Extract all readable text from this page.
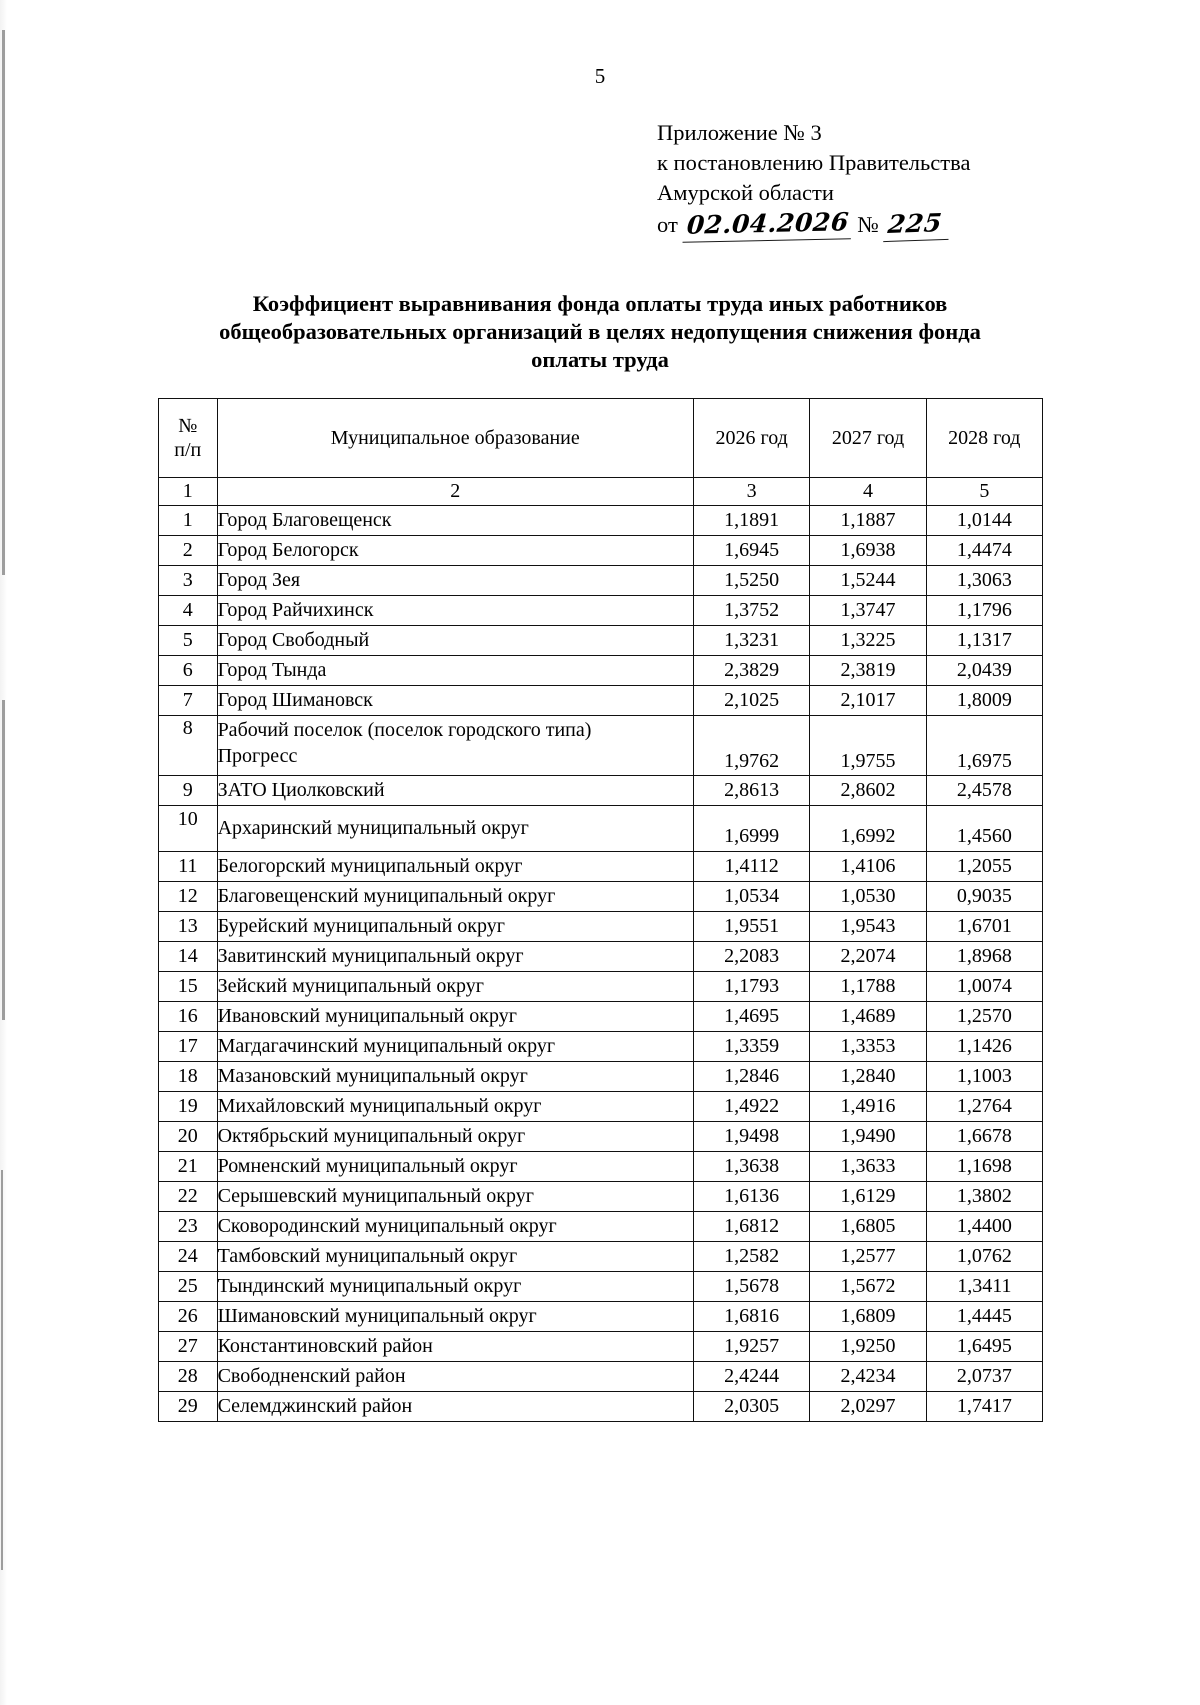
5
Приложение № 3
к постановлению Правительства
Амурской области
от 02.04.2026 № 225
Коэффициент выравнивания фонда оплаты труда иных работников
общеобразовательных организаций в целях недопущения снижения фонда
оплаты труда
№
п/п	Муниципальное образование	2026 год	2027 год	2028 год
1	2	3	4	5
1	Город Благовещенск	1,1891	1,1887	1,0144
2	Город Белогорск	1,6945	1,6938	1,4474
3	Город Зея	1,5250	1,5244	1,3063
4	Город Райчихинск	1,3752	1,3747	1,1796
5	Город Свободный	1,3231	1,3225	1,1317
6	Город Тында	2,3829	2,3819	2,0439
7	Город Шимановск	2,1025	2,1017	1,8009
8	Рабочий поселок (поселок городского типа)
Прогресс	1,9762	1,9755	1,6975
9	ЗАТО Циолковский	2,8613	2,8602	2,4578
10	Архаринский муниципальный округ	1,6999	1,6992	1,4560
11	Белогорский муниципальный округ	1,4112	1,4106	1,2055
12	Благовещенский муниципальный округ	1,0534	1,0530	0,9035
13	Бурейский муниципальный округ	1,9551	1,9543	1,6701
14	Завитинский муниципальный округ	2,2083	2,2074	1,8968
15	Зейский муниципальный округ	1,1793	1,1788	1,0074
16	Ивановский муниципальный округ	1,4695	1,4689	1,2570
17	Магдагачинский муниципальный округ	1,3359	1,3353	1,1426
18	Мазановский муниципальный округ	1,2846	1,2840	1,1003
19	Михайловский муниципальный округ	1,4922	1,4916	1,2764
20	Октябрьский муниципальный округ	1,9498	1,9490	1,6678
21	Ромненский муниципальный округ	1,3638	1,3633	1,1698
22	Серышевский муниципальный округ	1,6136	1,6129	1,3802
23	Сковородинский муниципальный округ	1,6812	1,6805	1,4400
24	Тамбовский муниципальный округ	1,2582	1,2577	1,0762
25	Тындинский муниципальный округ	1,5678	1,5672	1,3411
26	Шимановский муниципальный округ	1,6816	1,6809	1,4445
27	Константиновский район	1,9257	1,9250	1,6495
28	Свободненский район	2,4244	2,4234	2,0737
29	Селемджинский район	2,0305	2,0297	1,7417
